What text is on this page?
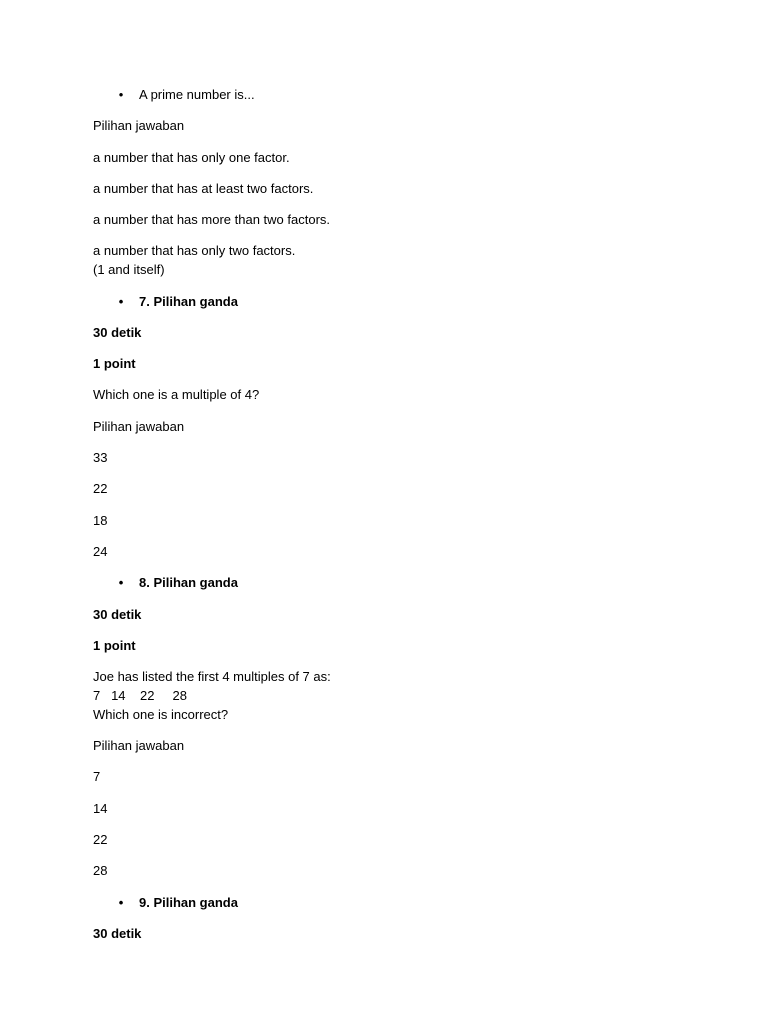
• A prime number is...

Pilihan jawaban

a number that has only one factor.

a number that has at least two factors.

a number that has more than two factors.

a number that has only two factors.
(1 and itself)

• 7. Pilihan ganda

30 detik

1 point

Which one is a multiple of 4?

Pilihan jawaban

33

22

18

24

• 8. Pilihan ganda

30 detik

1 point

Joe has listed the first 4 multiples of 7 as:
7   14    22     28
Which one is incorrect?

Pilihan jawaban

7

14

22

28

• 9. Pilihan ganda

30 detik
